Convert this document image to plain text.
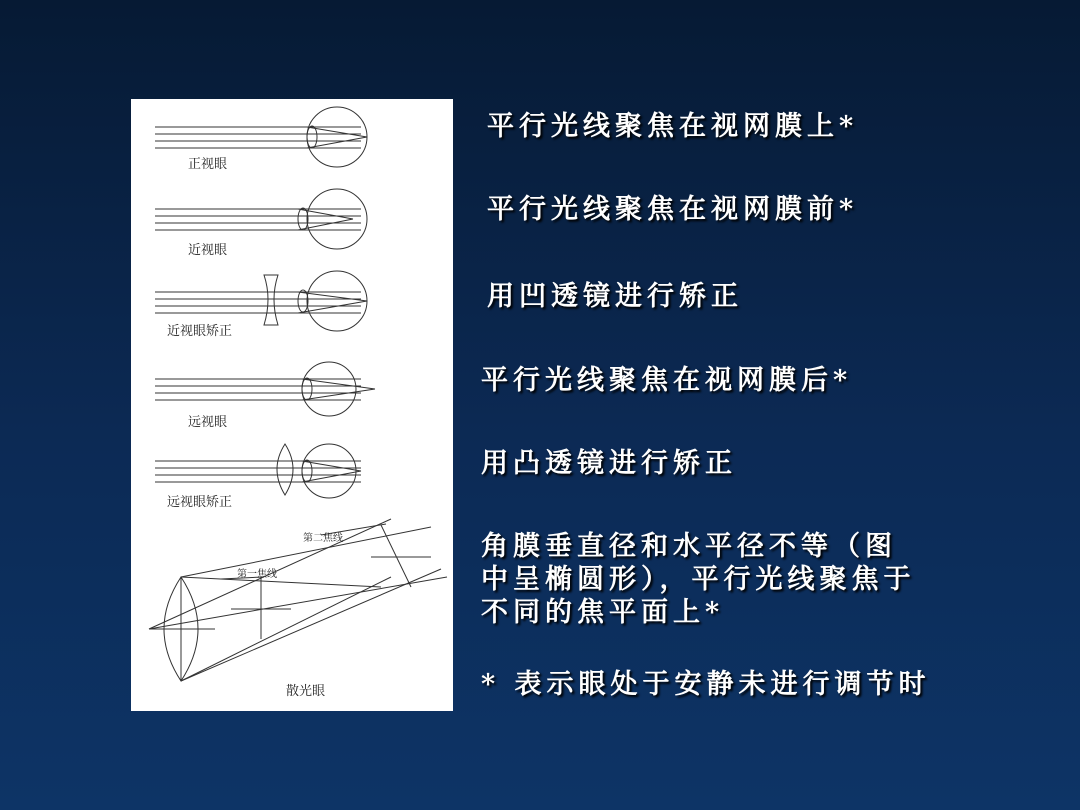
正视眼
近视眼
近视眼矫正
远视眼
远视眼矫正
第二焦线
第一焦线
散光眼
平行光线聚焦在视网膜上*
平行光线聚焦在视网膜前*
用凹透镜进行矫正
平行光线聚焦在视网膜后*
用凸透镜进行矫正
角膜垂直径和水平径不等（图
中呈椭圆形），平行光线聚焦于
不同的焦平面上*
* 表示眼处于安静未进行调节时
